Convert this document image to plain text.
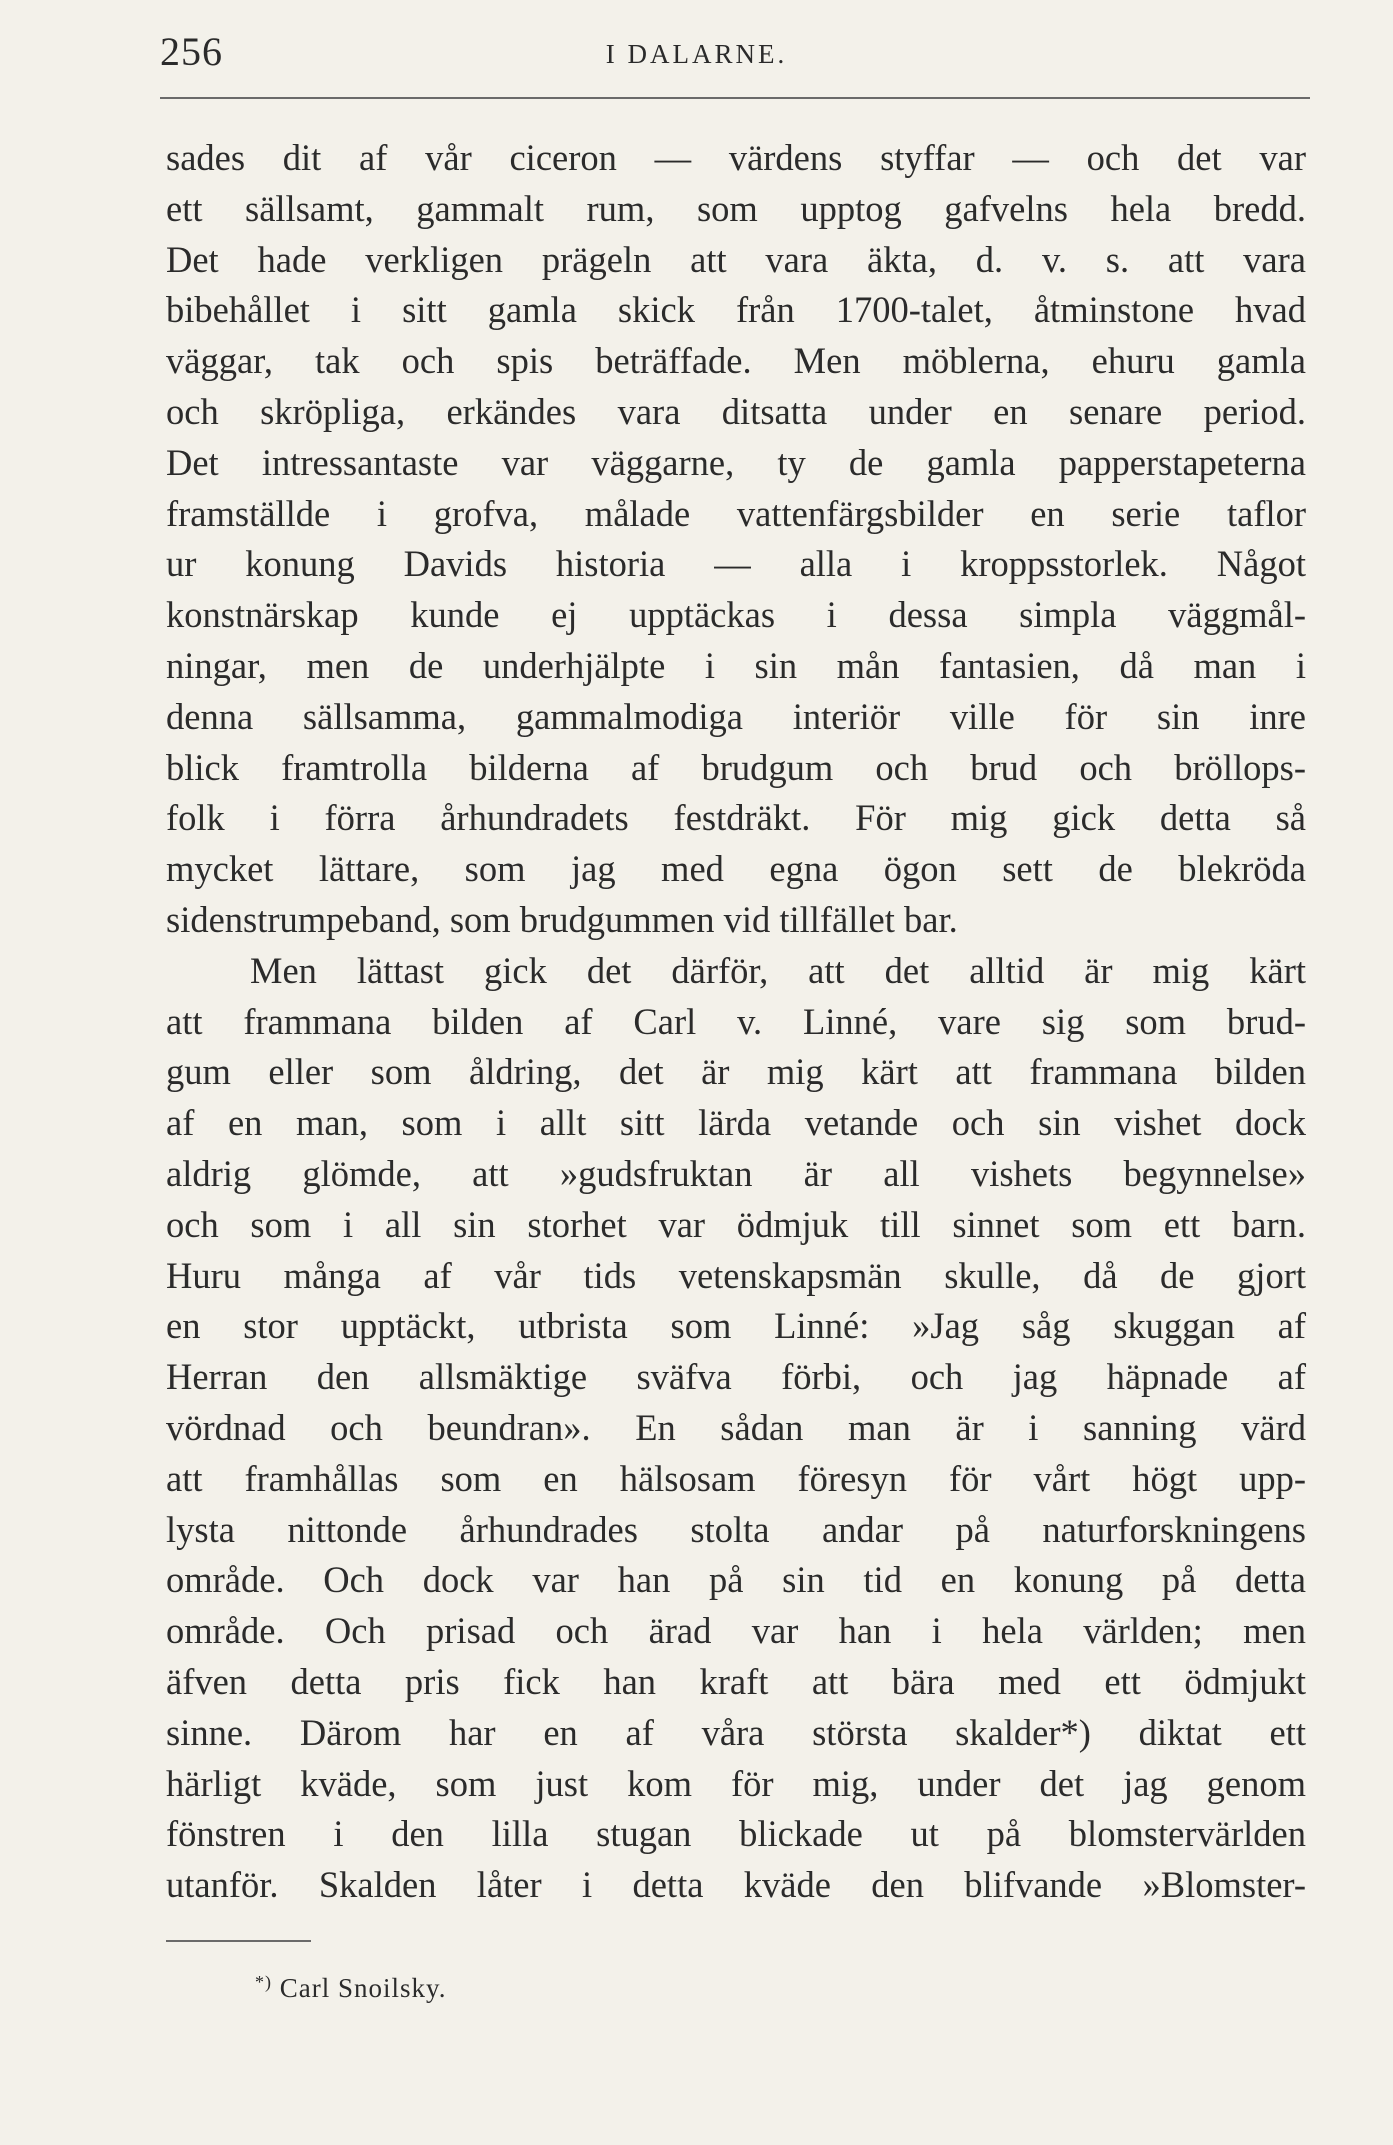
256	I DALARNE.
sades dit af vår ciceron — värdens styffar — och det var
ett sällsamt, gammalt rum, som upptog gafvelns hela bredd.
Det hade verkligen prägeln att vara äkta, d. v. s. att vara
bibehållet i sitt gamla skick från 1700-talet, åtminstone hvad
väggar, tak och spis beträffade. Men möblerna, ehuru gamla
och skröpliga, erkändes vara ditsatta under en senare period.
Det intressantaste var väggarne, ty de gamla papperstapeterna
framställde i grofva, målade vattenfärgsbilder en serie taflor
ur konung Davids historia — alla i kroppsstorlek. Något
konstnärskap kunde ej upptäckas i dessa simpla väggmål-
ningar, men de underhjälpte i sin mån fantasien, då man i
denna sällsamma, gammalmodiga interiör ville för sin inre
blick framtrolla bilderna af brudgum och brud och bröllops-
folk i förra århundradets festdräkt. För mig gick detta så
mycket lättare, som jag med egna ögon sett de blekröda
sidenstrumpeband, som brudgummen vid tillfället bar.
Men lättast gick det därför, att det alltid är mig kärt
att frammana bilden af Carl v. Linné, vare sig som brud-
gum eller som åldring, det är mig kärt att frammana bilden
af en man, som i allt sitt lärda vetande och sin vishet dock
aldrig glömde, att »gudsfruktan är all vishets begynnelse»
och som i all sin storhet var ödmjuk till sinnet som ett barn.
Huru många af vår tids vetenskapsmän skulle, då de gjort
en stor upptäckt, utbrista som Linné: »Jag såg skuggan af
Herran den allsmäktige sväfva förbi, och jag häpnade af
vördnad och beundran». En sådan man är i sanning värd
att framhållas som en hälsosam föresyn för vårt högt upp-
lysta nittonde århundrades stolta andar på naturforskningens
område. Och dock var han på sin tid en konung på detta
område. Och prisad och ärad var han i hela världen; men
äfven detta pris fick han kraft att bära med ett ödmjukt
sinne. Därom har en af våra största skalder*) diktat ett
härligt kväde, som just kom för mig, under det jag genom
fönstren i den lilla stugan blickade ut på blomstervärlden
utanför. Skalden låter i detta kväde den blifvande »Blomster-
*) Carl Snoilsky.
